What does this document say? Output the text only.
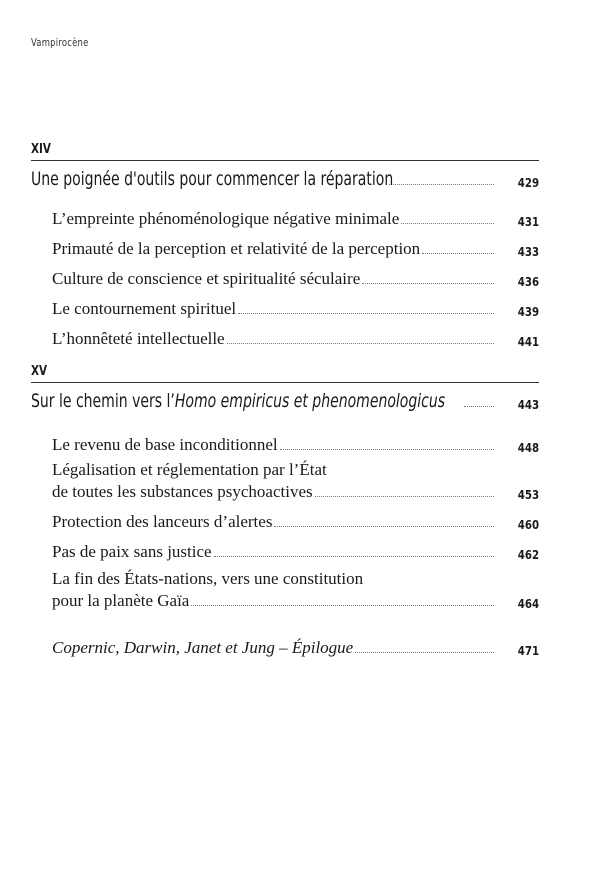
Vampirocène
XIV
Une poignée d'outils pour commencer la réparation	429
L’empreinte phénoménologique négative minimale	431
Primauté de la perception et relativité de la perception	433
Culture de conscience et spiritualité séculaire	436
Le contournement spirituel	439
L’honnêteté intellectuelle	441
XV
Sur le chemin vers l’Homo empiricus et phenomenologicus	443
Le revenu de base inconditionnel	448
Légalisation et réglementation par l’État
de toutes les substances psychoactives	453
Protection des lanceurs d’alertes	460
Pas de paix sans justice	462
La fin des États-nations, vers une constitution
pour la planète Gaïa	464
Copernic, Darwin, Janet et Jung – Épilogue	471
